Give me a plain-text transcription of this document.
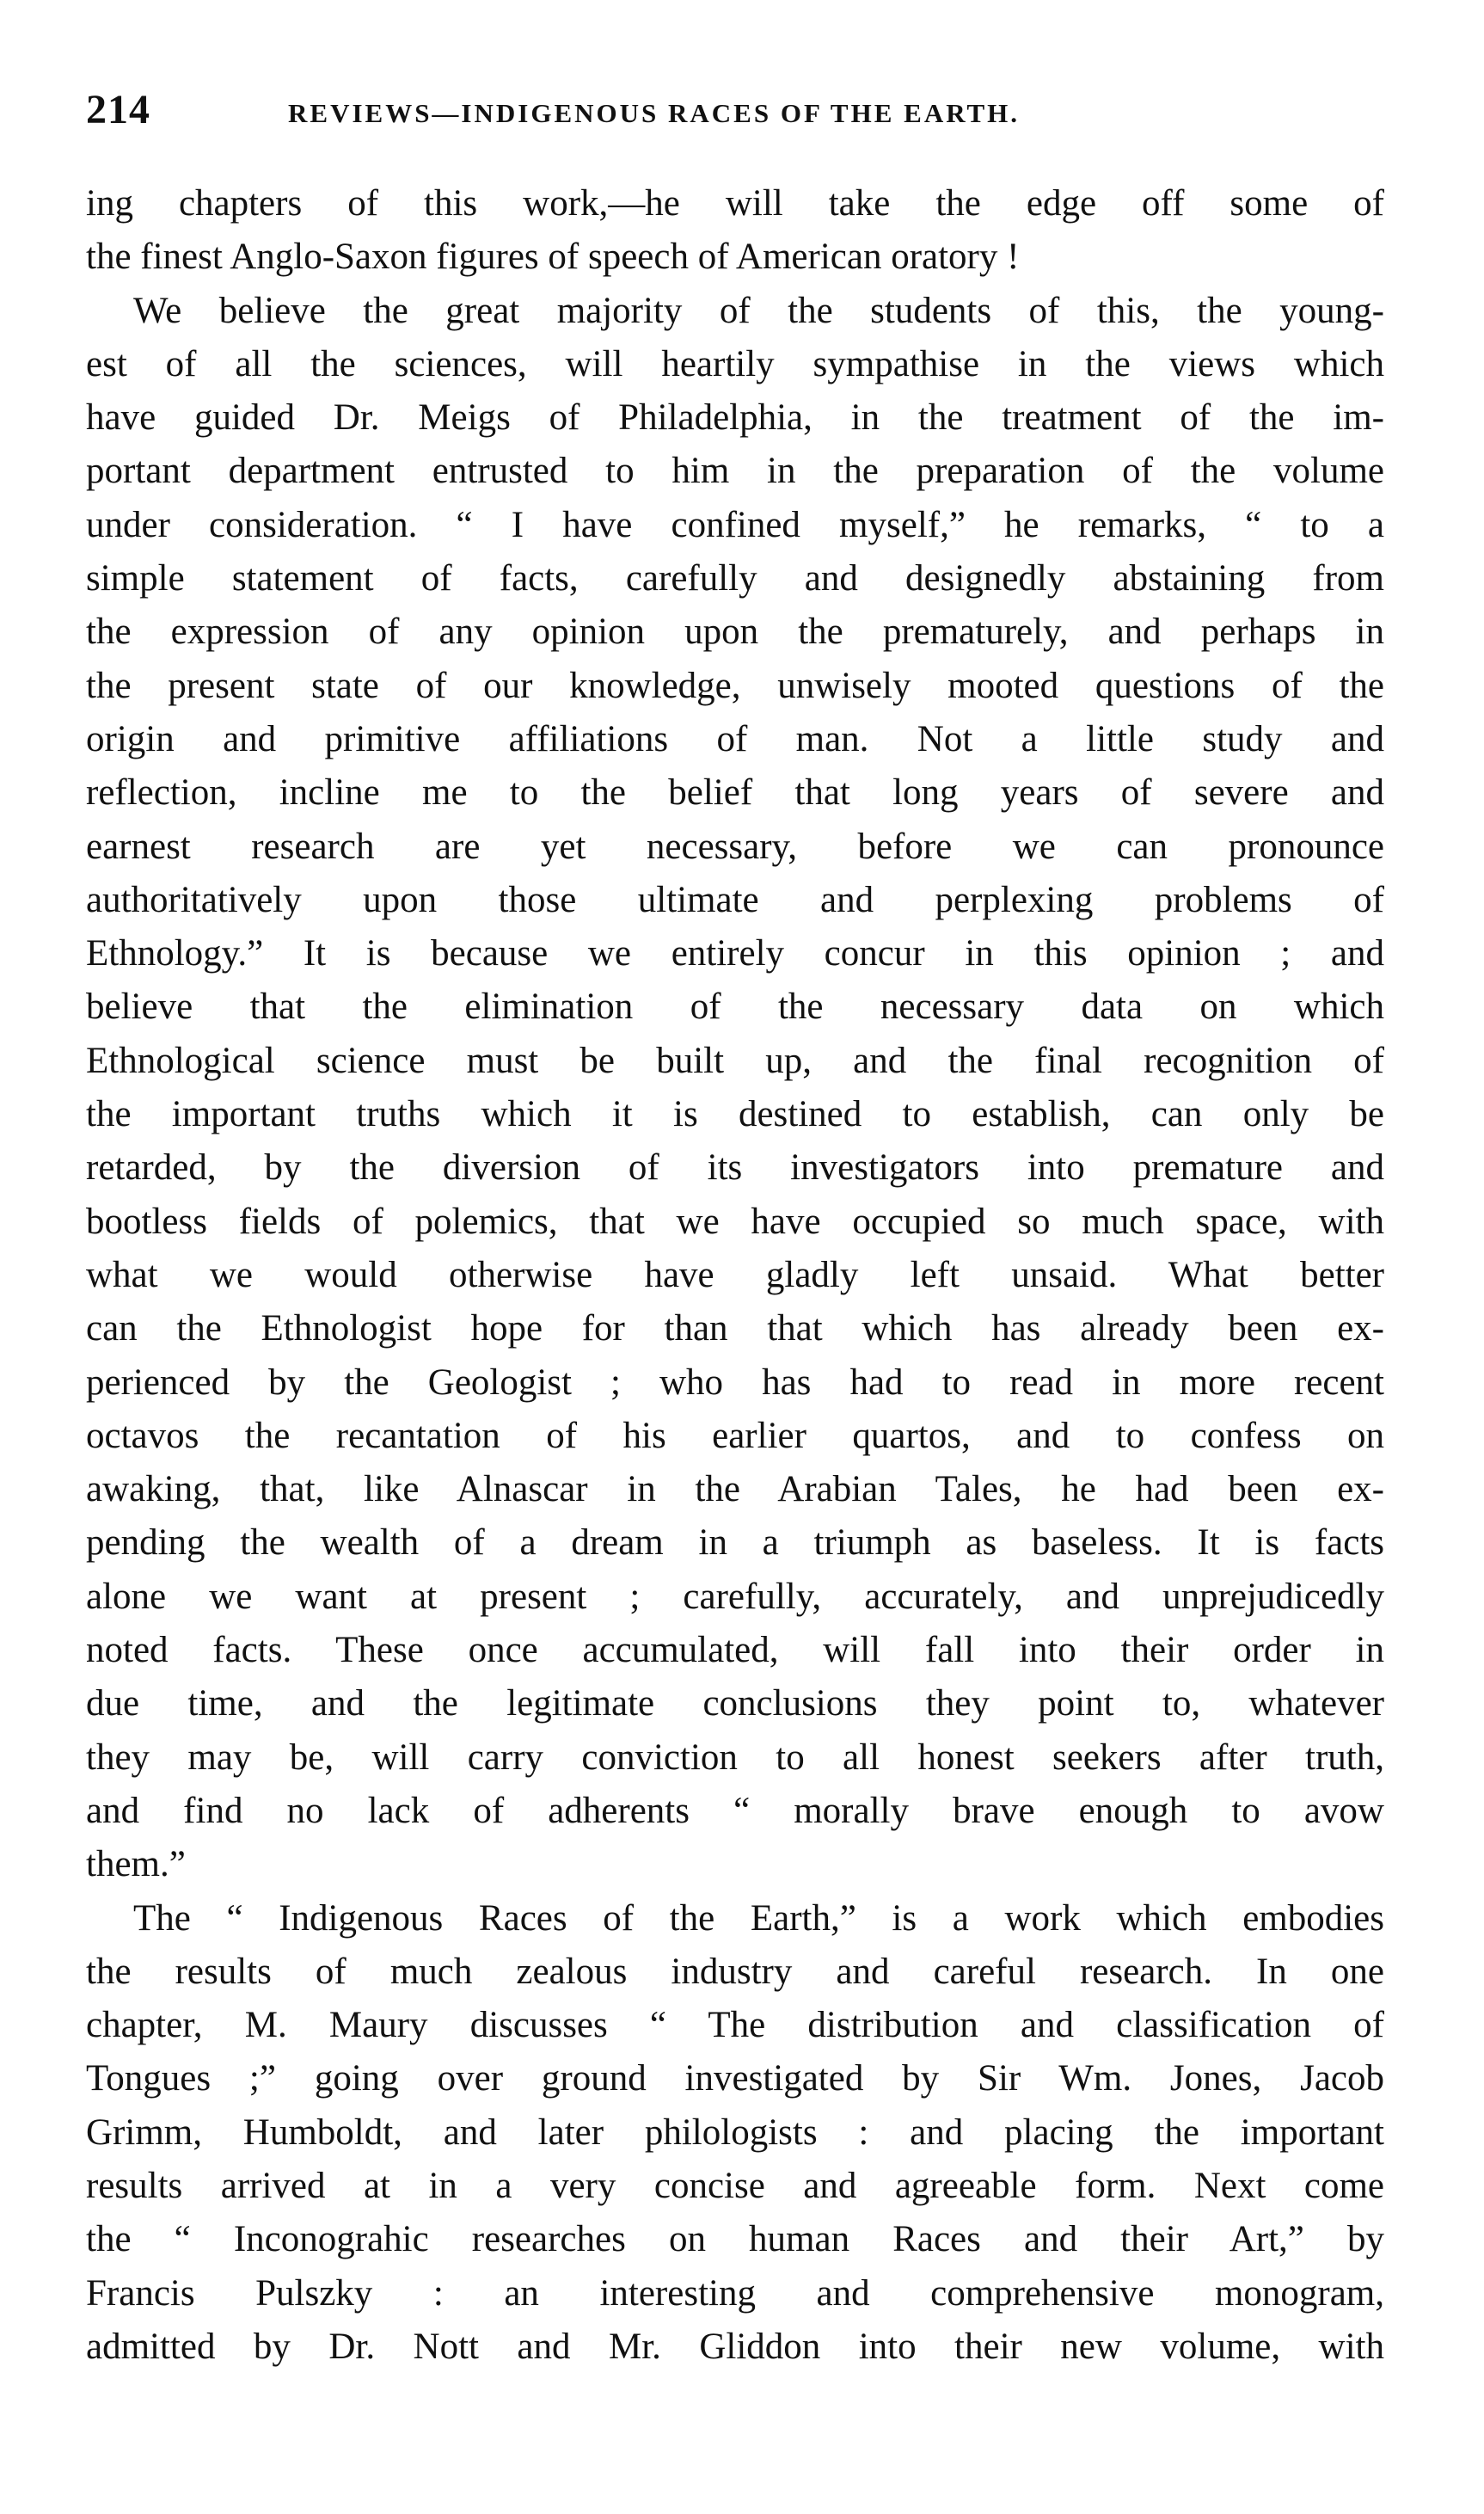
214	REVIEWS—INDIGENOUS RACES OF THE EARTH.
ing chapters of this work,—he will take the edge off some of
the finest Anglo-Saxon figures of speech of American oratory !
We believe the great majority of the students of this, the young-
est of all the sciences, will heartily sympathise in the views which
have guided Dr. Meigs of Philadelphia, in the treatment of the im-
portant department entrusted to him in the preparation of the volume
under consideration. “ I have confined myself,” he remarks, “ to a
simple statement of facts, carefully and designedly abstaining from
the expression of any opinion upon the prematurely, and perhaps in
the present state of our knowledge, unwisely mooted questions of the
origin and primitive affiliations of man. Not a little study and
reflection, incline me to the belief that long years of severe and
earnest research are yet necessary, before we can pronounce
authoritatively upon those ultimate and perplexing problems of
Ethnology.” It is because we entirely concur in this opinion ; and
believe that the elimination of the necessary data on which
Ethnological science must be built up, and the final recognition of
the important truths which it is destined to establish, can only be
retarded, by the diversion of its investigators into premature and
bootless fields of polemics, that we have occupied so much space, with
what we would otherwise have gladly left unsaid. What better
can the Ethnologist hope for than that which has already been ex-
perienced by the Geologist ; who has had to read in more recent
octavos the recantation of his earlier quartos, and to confess on
awaking, that, like Alnascar in the Arabian Tales, he had been ex-
pending the wealth of a dream in a triumph as baseless. It is facts
alone we want at present ; carefully, accurately, and unprejudicedly
noted facts. These once accumulated, will fall into their order in
due time, and the legitimate conclusions they point to, whatever
they may be, will carry conviction to all honest seekers after truth,
and find no lack of adherents “ morally brave enough to avow
them.”
The “ Indigenous Races of the Earth,” is a work which embodies
the results of much zealous industry and careful research. In one
chapter, M. Maury discusses “ The distribution and classification of
Tongues ;” going over ground investigated by Sir Wm. Jones, Jacob
Grimm, Humboldt, and later philologists : and placing the important
results arrived at in a very concise and agreeable form. Next come
the “ Inconograhic researches on human Races and their Art,” by
Francis Pulszky : an interesting and comprehensive monogram,
admitted by Dr. Nott and Mr. Gliddon into their new volume, with
